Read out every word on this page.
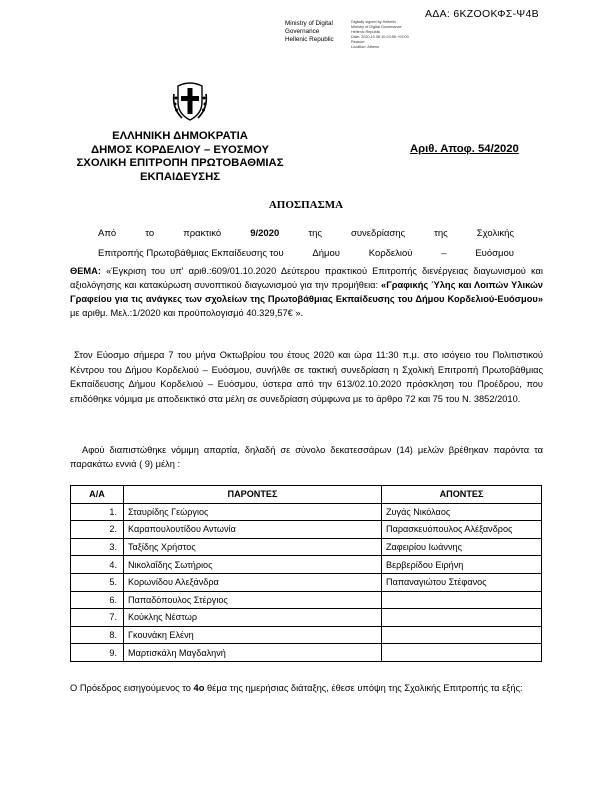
ΑΔΑ: 6ΚΖΟΟΚΦΣ-Ψ4Β
Ministry of Digital
Governance
Hellenic Republic
Digitally signed by Hellenic
Ministry of Digital Governance
Hellenic Republic
Date: 2020.10.08 10:23:55 +03:00
Reason:
Location: Athens
ΕΛΛΗΝΙΚΗ ΔΗΜΟΚΡΑΤΙΑ
ΔΗΜΟΣ ΚΟΡΔΕΛΙΟΥ – ΕΥΟΣΜΟΥ
ΣΧΟΛΙΚΗ ΕΠΙΤΡΟΠΗ ΠΡΩΤΟΒΑΘΜΙΑΣ
ΕΚΠΑΙΔΕΥΣΗΣ
Αριθ. Αποφ. 54/2020
ΑΠΟΣΠΑΣΜΑ
Από	το	πρακτικό	9/2020	της	συνεδρίασης	της	Σχολικής
Επιτροπής Πρωτοβάθμιας Εκπαίδευσης του	Δήμου	Κορδελιού	–	Ευόσμου
ΘΕΜΑ: «Έγκριση του υπ' αριθ.:609/01.10.2020 Δεύτερου πρακτικού Επιτροπής διενέργειας διαγωνισμού και αξιολόγησης και κατακύρωση συνοπτικού διαγωνισμού για την προμήθεια: «Γραφικής Ύλης και Λοιπών Υλικών Γραφείου για τις ανάγκες των σχολείων της Πρωτοβάθμιας Εκπαίδευσης του Δήμου Κορδελιού-Ευόσμου» με αριθμ. Μελ.:1/2020 και προϋπολογισμό 40.329,57€ ».
Στον Εύοσμο σήμερα 7 του μήνα Οκτωβρίου του έτους 2020 και ώρα 11:30 π.μ. στο ισόγειο του Πολιτιστικού Κέντρου του Δήμου Κορδελιού – Ευόσμου, συνήλθε σε τακτική συνεδρίαση η Σχολική Επιτροπή Πρωτοβάθμιας Εκπαίδευσης Δήμου Κορδελιού – Ευόσμου, ύστερα από την 613/02.10.2020 πρόσκληση του Προέδρου, που επιδόθηκε νόμιμα με αποδεικτικό στα μέλη σε συνεδρίαση σύμφωνα με το άρθρο 72 και 75 του Ν. 3852/2010.
Αφού διαπιστώθηκε νόμιμη απαρτία, δηλαδή σε σύνολο δεκατεσσάρων (14) μελών βρέθηκαν παρόντα τα παρακάτω εννιά ( 9) μέλη :
Α/Α	ΠΑΡΟΝΤΕΣ	ΑΠΟΝΤΕΣ
1.	Σταυρίδης Γεώργιος	Ζυγάς Νικόλαος
2.	Καραπουλουτίδου Αντωνία	Παρασκευόπουλος Αλέξανδρος
3.	Ταξίδης Χρήστος	Ζαφειρίου Ιωάννης
4.	Νικολαΐδης Σωτήριος	Βερβερίδου Ειρήνη
5.	Κορωνίδου Αλεξάνδρα	Παπαναγιώτου Στέφανος
6.	Παπαδόπουλος Στέργιος	
7.	Κούκλης Νέστωρ	
8.	Γκουνάκη Ελένη	
9.	Μαρτισκάλη Μαγδαληνή	
Ο Πρόεδρος εισηγούμενος το 4ο θέμα της ημερήσιας διάταξης, έθεσε υπόψη της Σχολικής Επιτροπής τα εξής:
